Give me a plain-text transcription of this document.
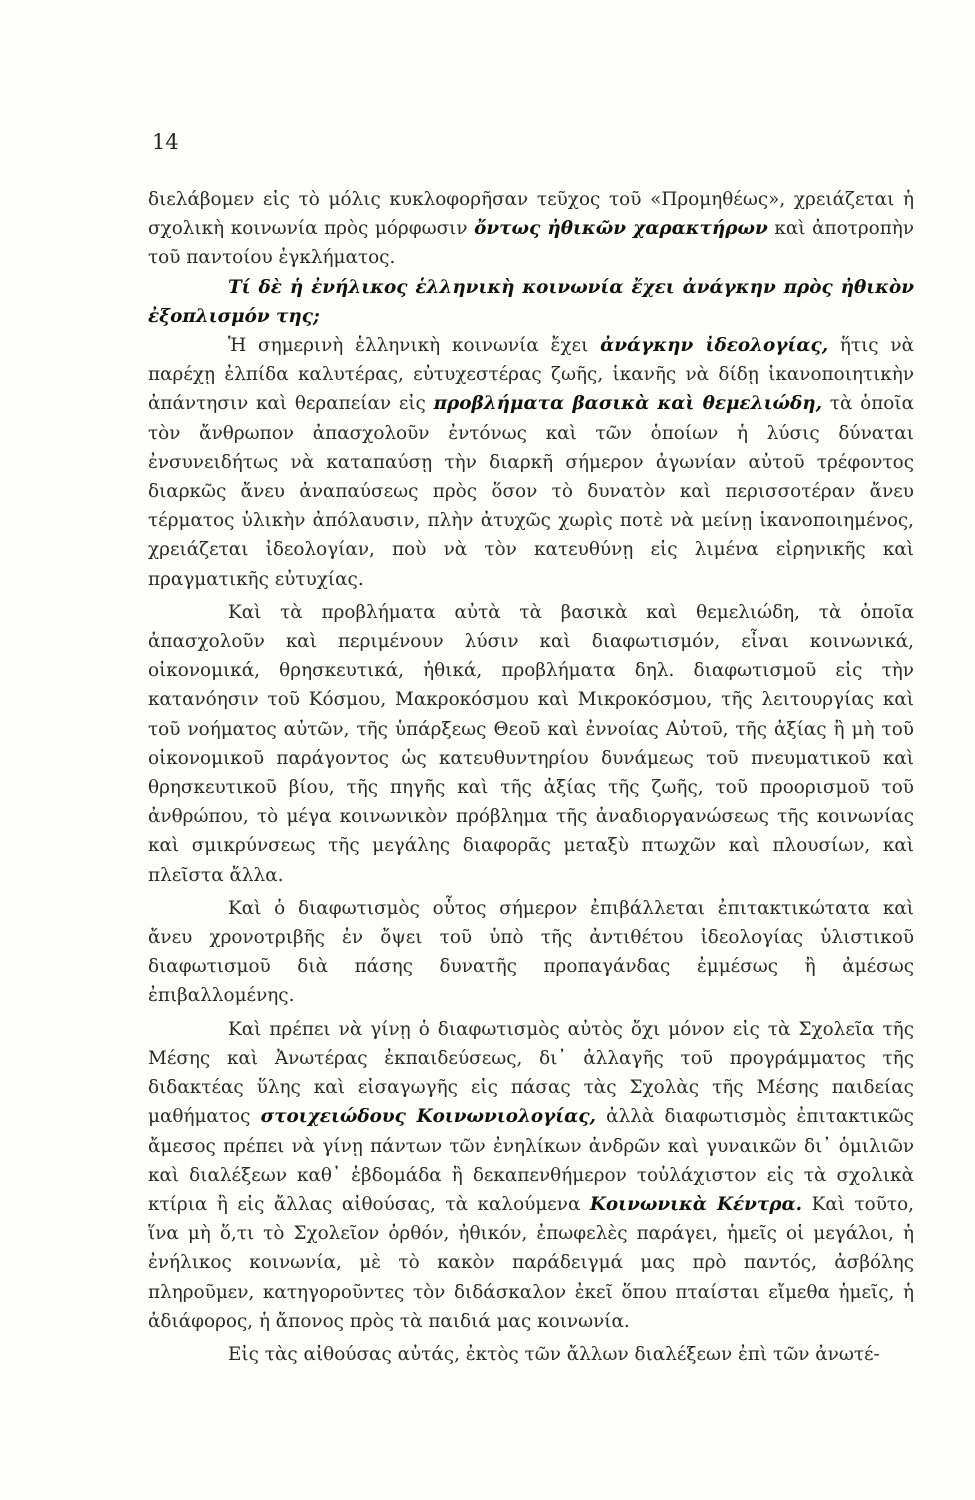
14

διελάβομεν εἰς τὸ μόλις κυκλοφορῆσαν τεῦχος τοῦ «Προμηθέως», χρειάζεται ἡ σχολικὴ κοινωνία πρὸς μόρφωσιν ὄντως ἠθικῶν χαρακτήρων καὶ ἀποτροπὴν τοῦ παντοίου ἐγκλήματος.

Τί δὲ ἡ ἐνήλικος ἑλληνικὴ κοινωνία ἔχει ἀνάγκην πρὸς ἠθικὸν ἐξοπλισμόν της;

Ἡ σημερινὴ ἑλληνικὴ κοινωνία ἔχει ἀνάγκην ἰδεολογίας, ἥτις νὰ παρέχῃ ἐλπίδα καλυτέρας, εὐτυχεστέρας ζωῆς, ἱκανῆς νὰ δίδῃ ἱκανοποιητικὴν ἀπάντησιν καὶ θεραπείαν εἰς προβλήματα βασικὰ καὶ θεμελιώδη, τὰ ὁποῖα τὸν ἄνθρωπον ἀπασχολοῦν ἐντόνως καὶ τῶν ὁποίων ἡ λύσις δύναται ἐνσυνειδήτως νὰ καταπαύσῃ τὴν διαρκῆ σήμερον ἀγωνίαν αὐτοῦ τρέφοντος διαρκῶς ἄνευ ἀναπαύσεως πρὸς ὅσον τὸ δυνατὸν καὶ περισσοτέραν ἄνευ τέρματος ὑλικὴν ἀπόλαυσιν, πλὴν ἀτυχῶς χωρὶς ποτὲ νὰ μείνῃ ἱκανοποιημένος, χρειάζεται ἰδεολογίαν, ποὺ νὰ τὸν κατευθύνῃ εἰς λιμένα εἰρηνικῆς καὶ πραγματικῆς εὐτυχίας.

Καὶ τὰ προβλήματα αὐτὰ τὰ βασικὰ καὶ θεμελιώδη, τὰ ὁποῖα ἀπασχολοῦν καὶ περιμένουν λύσιν καὶ διαφωτισμόν, εἶναι κοινωνικά, οἰκονομικά, θρησκευτικά, ἠθικά, προβλήματα δηλ. διαφωτισμοῦ εἰς τὴν κατανόησιν τοῦ Κόσμου, Μακροκόσμου καὶ Μικροκόσμου, τῆς λειτουργίας καὶ τοῦ νοήματος αὐτῶν, τῆς ὑπάρξεως Θεοῦ καὶ ἐννοίας Αὐτοῦ, τῆς ἀξίας ἢ μὴ τοῦ οἰκονομικοῦ παράγοντος ὡς κατευθυντηρίου δυνάμεως τοῦ πνευματικοῦ καὶ θρησκευτικοῦ βίου, τῆς πηγῆς καὶ τῆς ἀξίας τῆς ζωῆς, τοῦ προορισμοῦ τοῦ ἀνθρώπου, τὸ μέγα κοινωνικὸν πρόβλημα τῆς ἀναδιοργανώσεως τῆς κοινωνίας καὶ σμικρύνσεως τῆς μεγάλης διαφορᾶς μεταξὺ πτωχῶν καὶ πλουσίων, καὶ πλεῖστα ἄλλα.

Καὶ ὁ διαφωτισμὸς οὗτος σήμερον ἐπιβάλλεται ἐπιτακτικώτατα καὶ ἄνευ χρονοτριβῆς ἐν ὄψει τοῦ ὑπὸ τῆς ἀντιθέτου ἰδεολογίας ὑλιστικοῦ διαφωτισμοῦ διὰ πάσης δυνατῆς προπαγάνδας ἐμμέσως ἢ ἀμέσως ἐπιβαλλομένης.

Καὶ πρέπει νὰ γίνῃ ὁ διαφωτισμὸς αὐτὸς ὄχι μόνον εἰς τὰ Σχολεῖα τῆς Μέσης καὶ Ἀνωτέρας ἐκπαιδεύσεως, δι᾿ ἀλλαγῆς τοῦ προγράμματος τῆς διδακτέας ὕλης καὶ εἰσαγωγῆς εἰς πάσας τὰς Σχολὰς τῆς Μέσης παιδείας μαθήματος στοιχειώδους Κοινωνιολογίας, ἀλλὰ διαφωτισμὸς ἐπιτακτικῶς ἄμεσος πρέπει νὰ γίνῃ πάντων τῶν ἐνηλίκων ἀνδρῶν καὶ γυναικῶν δι᾿ ὁμιλιῶν καὶ διαλέξεων καθ᾿ ἑβδομάδα ἢ δεκαπενθήμερον τοὐλάχιστον εἰς τὰ σχολικὰ κτίρια ἢ εἰς ἄλλας αἰθούσας, τὰ καλούμενα Κοινωνικὰ Κέντρα. Καὶ τοῦτο, ἵνα μὴ ὅ,τι τὸ Σχολεῖον ὀρθόν, ἠθικόν, ἐπωφελὲς παράγει, ἡμεῖς οἱ μεγάλοι, ἡ ἐνήλικος κοινωνία, μὲ τὸ κακὸν παράδειγμά μας πρὸ παντός, ἀσβόλης πληροῦμεν, κατηγοροῦντες τὸν διδάσκαλον ἐκεῖ ὅπου πταίσται εἴμεθα ἡμεῖς, ἡ ἀδιάφορος, ἡ ἄπονος πρὸς τὰ παιδιά μας κοινωνία.

Εἰς τὰς αἰθούσας αὐτάς, ἐκτὸς τῶν ἄλλων διαλέξεων ἐπὶ τῶν ἀνωτέ-
